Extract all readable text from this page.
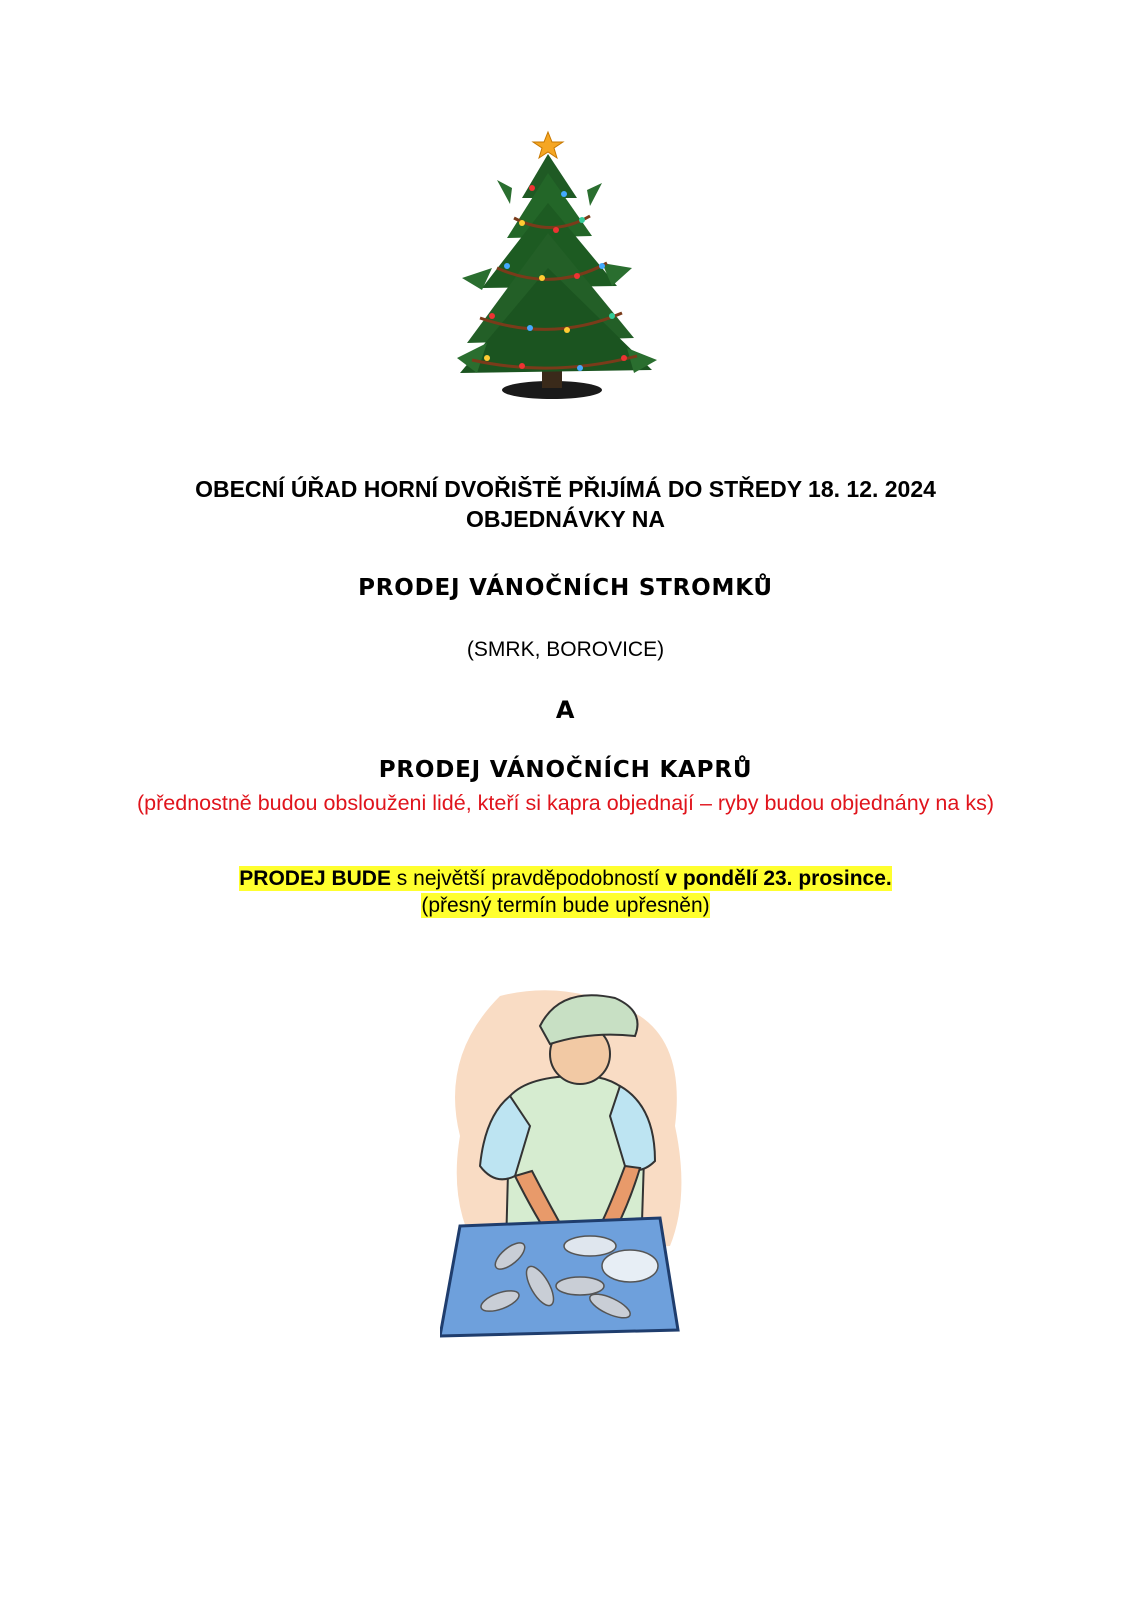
OBECNÍ ÚŘAD HORNÍ DVOŘIŠTĚ PŘIJÍMÁ DO STŘEDY 18. 12. 2024
OBJEDNÁVKY NA
PRODEJ VÁNOČNÍCH STROMKŮ
(SMRK, BOROVICE)
A
PRODEJ VÁNOČNÍCH KAPRŮ
(přednostně budou obslouženi lidé, kteří si kapra objednají – ryby budou objednány na ks)
PRODEJ BUDE s největší pravděpodobností v pondělí 23. prosince.
(přesný termín bude upřesněn)
